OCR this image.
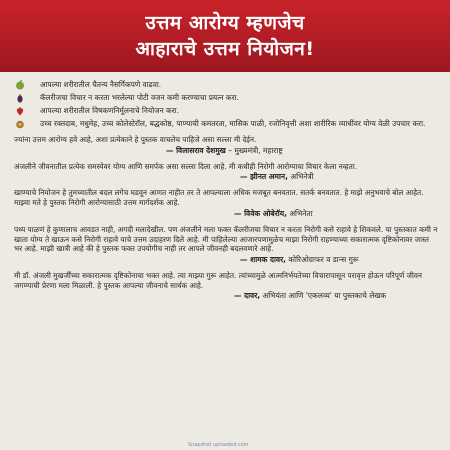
उत्तम आरोग्य म्हणजेच
आहाराचे उत्तम नियोजन!
आपल्या शरीरातील चैतन्य नैसर्गिकपणे वाढवा.
कॅलरीजचा विचार न करता भरलेल्या पोटी वजन कमी करण्याचा प्रयत्न करा.
आपल्या शरीरातील विषकणनिर्मूलनाचे नियोजन करा.
उच्च रक्तदाब, मधुमेह, उच्च कोलेस्टेरॉल, बद्धकोष्ठ, पाण्याची कमतरता, मासिक पाळी, रजोनिवृत्ती अशा शारीरिक व्याधींवर योग्य वेळी उपचार करा.
ज्यांना उत्तम आरोग्य हवे आहे, अशा प्रत्येकाने हे पुस्तक वाचलेच पाहिजे असा सल्ला मी देईन.
— विलासराव देशमुख – मुख्यमंत्री, महाराष्ट्र
अंजलीने जीवनातील प्रत्येक समस्येवर योग्य आणि समर्पक असा सल्ला दिला आहे. मी कधीही निरोगी आरोग्याचा विचार केला नव्हता.
— झीनत अमान, अभिनेत्री
खाण्याचे नियोजन हे तुमच्यातील बदल लगेच घडवून आणत नाहीत तर ते आपल्याला अधिक मजबूत बनवतात. सतर्क बनवतात. हे माझे अनुभवाचे बोल आहेत. माझ्या मते हे पुस्तक निरोगी आरोग्यासाठी उत्तम मार्गदर्शक आहे.
— विवेक ओबेरॉय, अभिनेता
पथ्य पाळणं हे कुणालाच आवडत नाही, अगदी मलादेखील. पण अंजलीने मला फक्त कॅलरीजचा विचार न करता निरोगी कसे राहावे हे शिकवले. या पुस्तकात कमी न खाता योग्य ते खाऊन कसे निरोगी राहावे याचे उत्तम उदाहरण दिले आहे. मी पाहिलेल्या आजारपणामुळेच माझा निरोगी राहण्याच्या सकारात्मक दृष्टिकोनावर जास्त भर आहे. माझी खात्री आहे की हे पुस्तक फक्त उपयोगीच नाही तर आपले जीवनही बदलवणारे आहे.
— शामक दावर, कोरिओग्राफर व डान्स गुरू
मी डॉ. अंजली मुखर्जींच्या सकारात्मक दृष्टिकोनाचा भक्त आहे. त्या माझ्या गुरू आहेत. त्यांच्यामुळे आत्मनिर्भयतेच्या विचारापासून परावृत्त होऊन परिपूर्ण जीवन जगण्याची प्रेरणा मला मिळाली. हे पुस्तक आपल्या जीवनाचे सार्थक आहे.
— दावर, अभियंता आणि 'एकलव्य' या पुस्तकाचे लेखक
Snapshot uploaded.com
